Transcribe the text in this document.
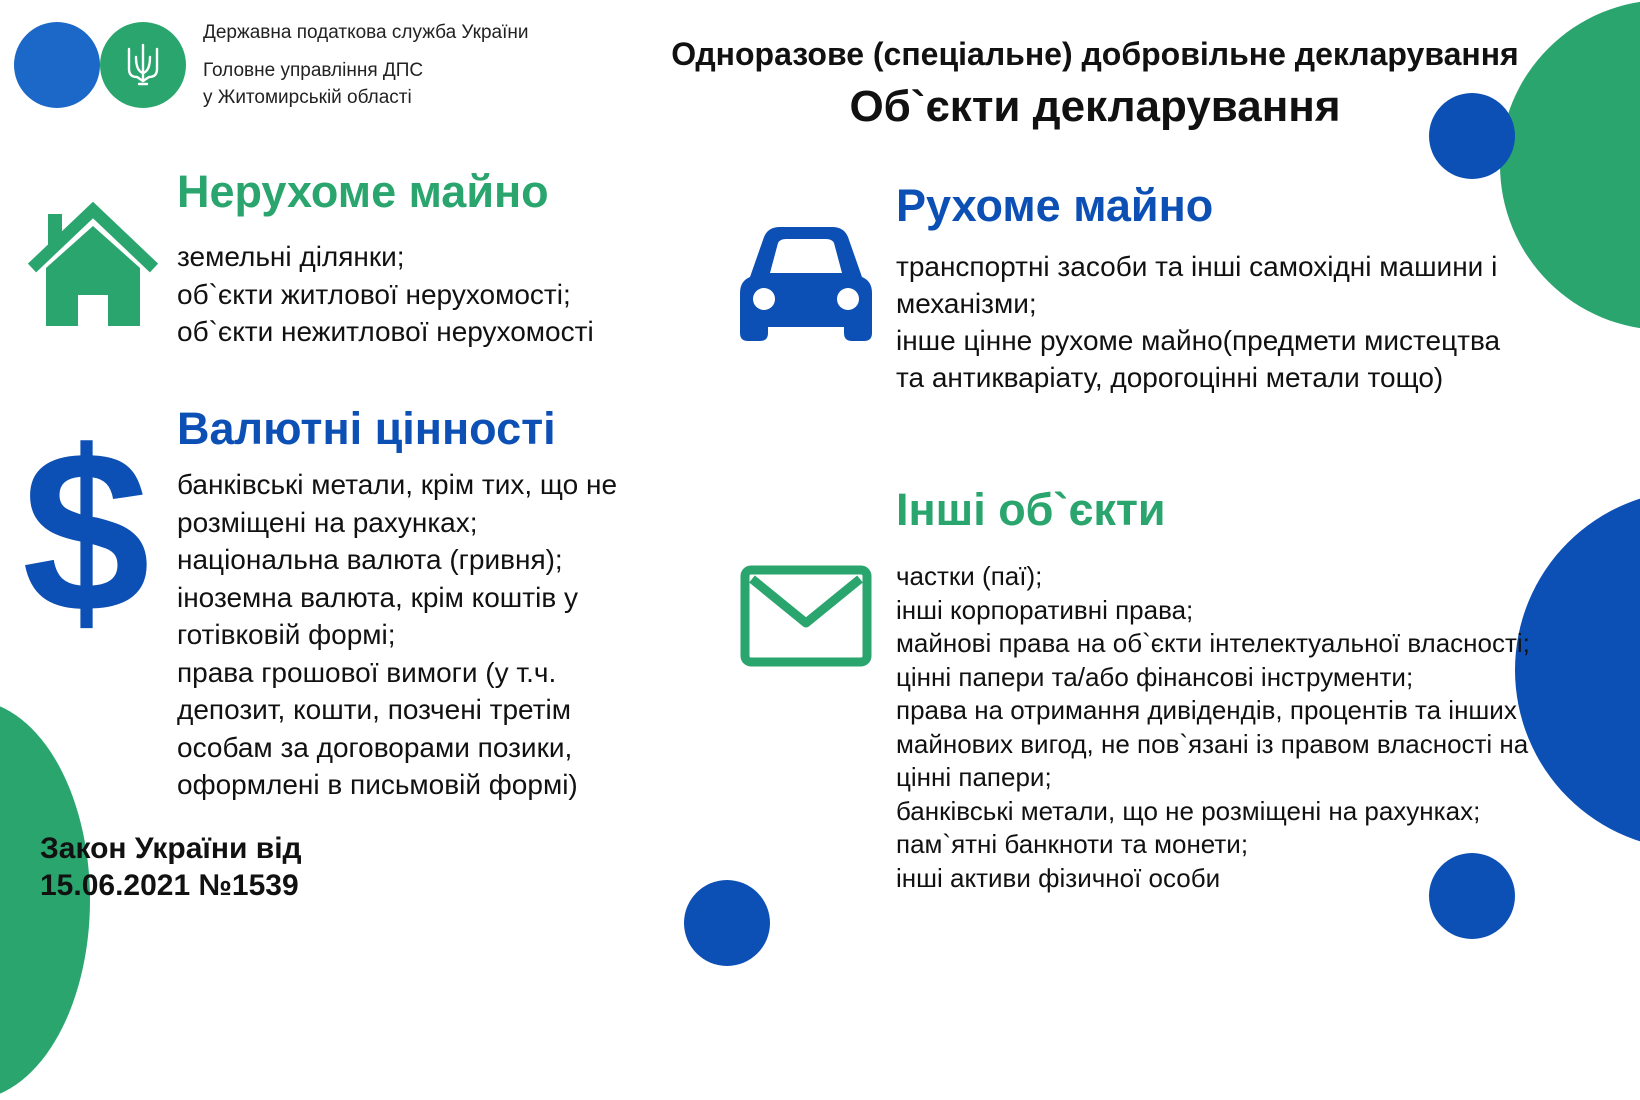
Державна податкова служба України
Головне управління ДПС
у Житомирській області
Одноразове (спеціальне) добровільне декларування
Об`єкти декларування
Нерухоме майно
земельні ділянки;
об`єкти житлової нерухомості;
об`єкти нежитлової нерухомості
$ Валютні цінності
банківські метали, крім тих, що не
розміщені на рахунках;
національна валюта (гривня);
іноземна валюта, крім коштів у
готівковій формі;
права грошової вимоги (у т.ч.
депозит, кошти, позчені третім
особам за договорами позики,
оформлені в письмовій формі)
Рухоме майно
транспортні засоби та інші самохідні машини і
механізми;
інше цінне рухоме майно(предмети мистецтва
та антикваріату, дорогоцінні метали тощо)
Інші об`єкти
частки (паї);
інші корпоративні права;
майнові права на об`єкти інтелектуальної власності;
цінні папери та/або фінансові інструменти;
права на отримання дивідендів, процентів та інших
майнових вигод, не пов`язані із правом власності на
цінні папери;
банківські метали, що не розміщені на рахунках;
пам`ятні банкноти та монети;
інші активи фізичної особи
Закон України від
15.06.2021 №1539
